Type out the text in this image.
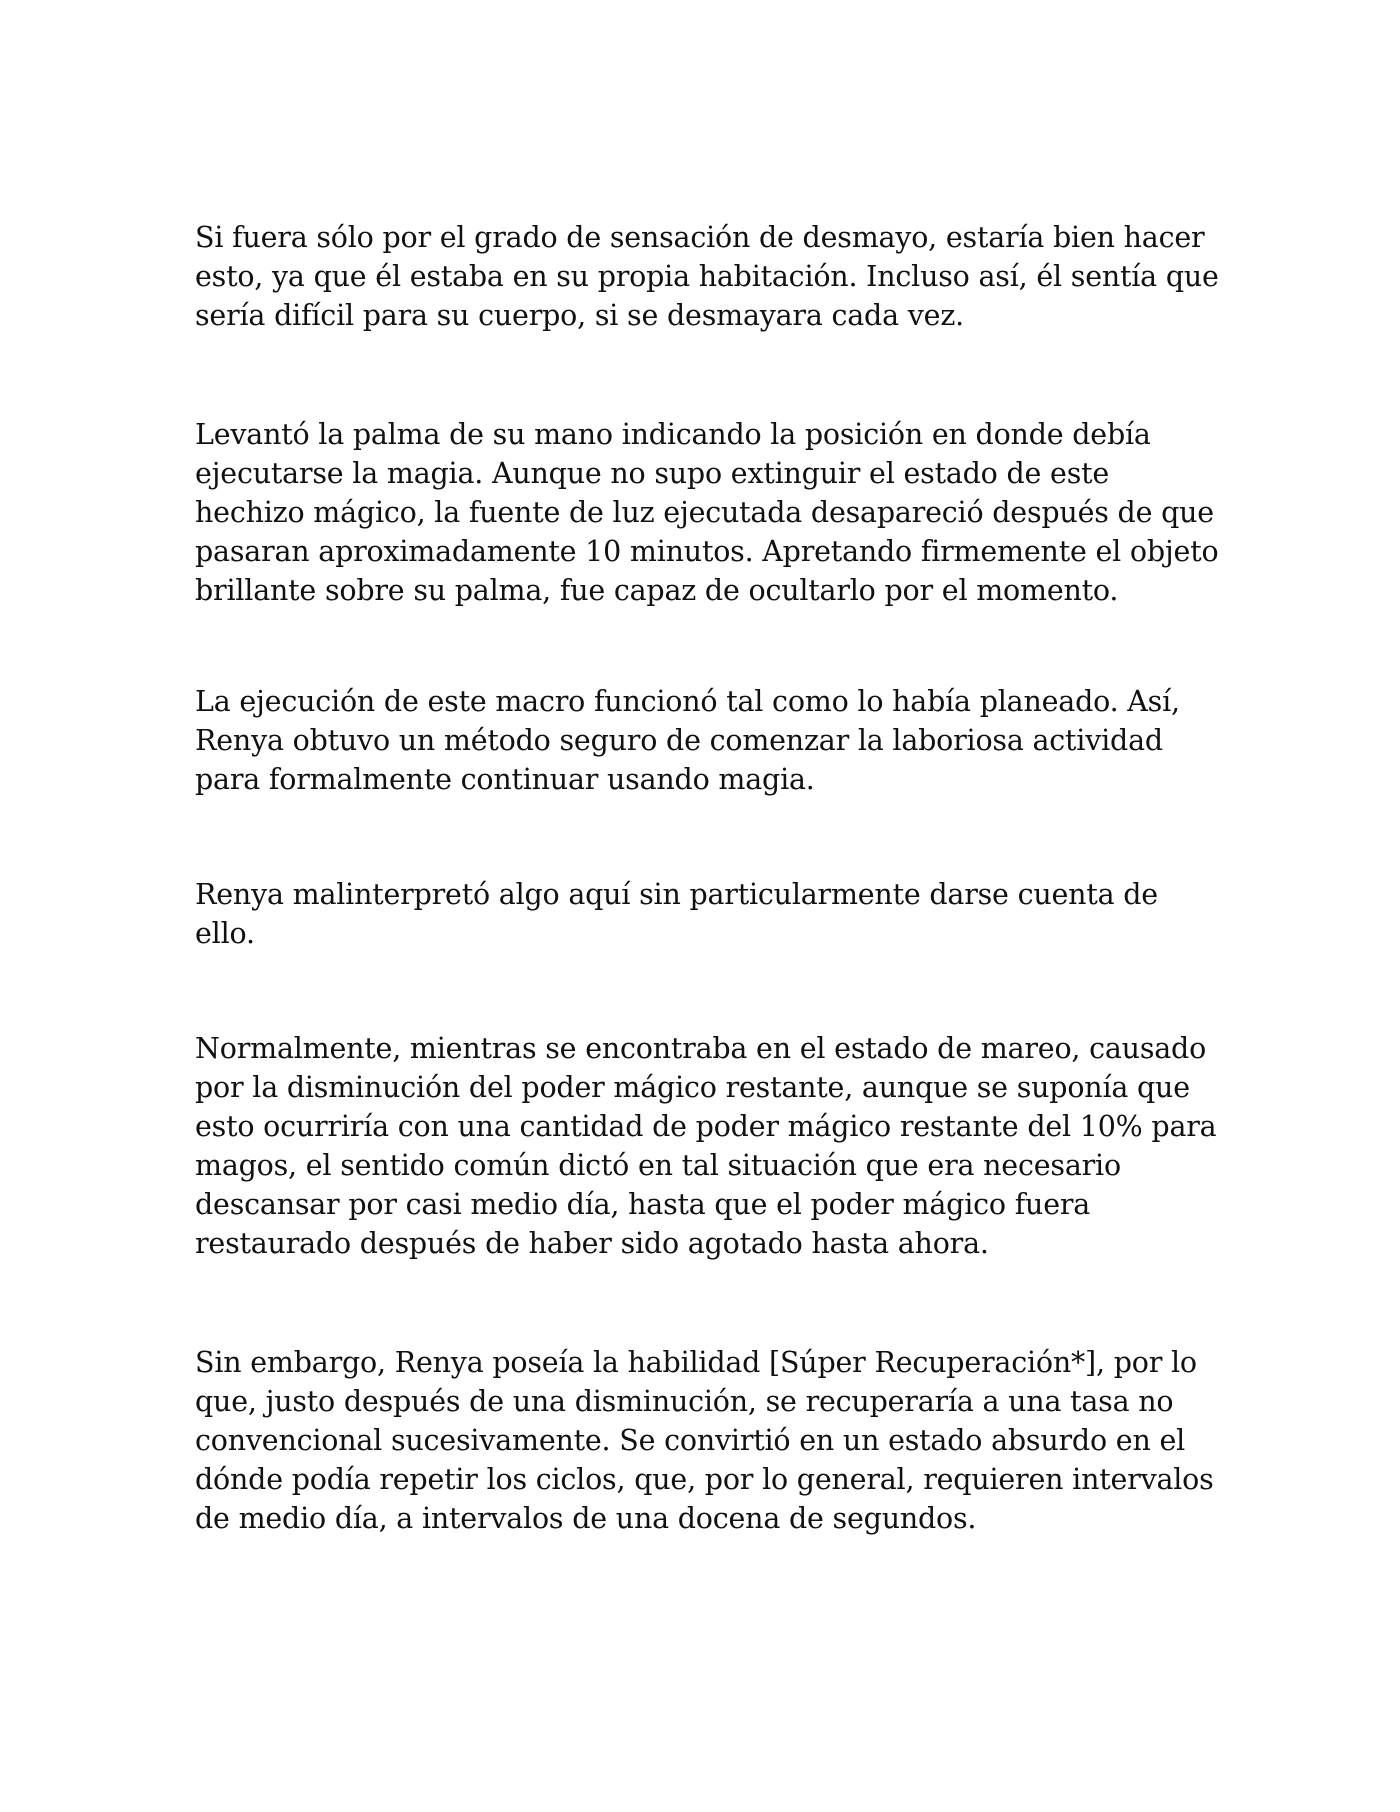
Si fuera sólo por el grado de sensación de desmayo, estaría bien hacer esto, ya que él estaba en su propia habitación. Incluso así, él sentía que sería difícil para su cuerpo, si se desmayara cada vez.

Levantó la palma de su mano indicando la posición en donde debía ejecutarse la magia. Aunque no supo extinguir el estado de este hechizo mágico, la fuente de luz ejecutada desapareció después de que pasaran aproximadamente 10 minutos. Apretando firmemente el objeto brillante sobre su palma, fue capaz de ocultarlo por el momento.

La ejecución de este macro funcionó tal como lo había planeado. Así, Renya obtuvo un método seguro de comenzar la laboriosa actividad para formalmente continuar usando magia.

Renya malinterpretó algo aquí sin particularmente darse cuenta de ello.

Normalmente, mientras se encontraba en el estado de mareo, causado por la disminución del poder mágico restante, aunque se suponía que esto ocurriría con una cantidad de poder mágico restante del 10% para magos, el sentido común dictó en tal situación que era necesario descansar por casi medio día, hasta que el poder mágico fuera restaurado después de haber sido agotado hasta ahora.

Sin embargo, Renya poseía la habilidad [Súper Recuperación*], por lo que, justo después de una disminución, se recuperaría a una tasa no convencional sucesivamente. Se convirtió en un estado absurdo en el dónde podía repetir los ciclos, que, por lo general, requieren intervalos de medio día, a intervalos de una docena de segundos.
